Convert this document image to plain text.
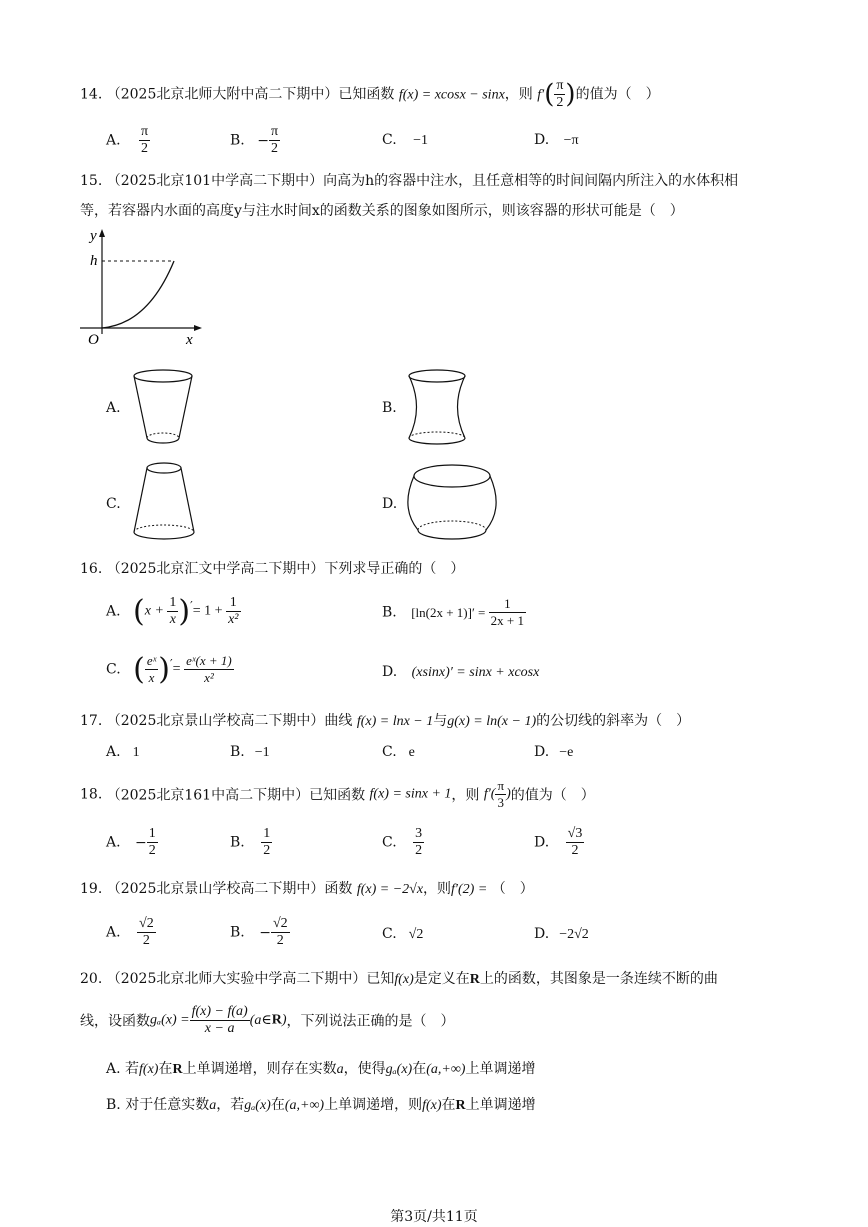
14. （2025北京北师大附中高二下期中）已知函数 f(x) = xcosx − sinx，则 $f'( \frac{\pi}{2}$ )的值为（　）
A. $\frac{\pi}{2}$	B. − $\frac{\pi}{2}$	C. −1	D. −π
15. （2025北京101中学高二下期中）向高为h的容器中注水，且任意相等的时间间隔内所注入的水体积相
等，若容器内水面的高度y与注水时间x的函数关系的图象如图所示，则该容器的形状可能是（　）
y
h
O	x
A.	B.
C.	D.
16. （2025北京汇文中学高二下期中）下列求导正确的（　）
A. $(x + \frac{1}{x} )'= 1 + \frac{1}{\text{x²}}$	B. $[\ln(2x + 1)]' = \frac{1}{2x + 1}$
C. ( $\frac{\text{eˣ}}{x} )'= \frac{\text{eˣ(x + 1)}}{\text{x²}}$	D. (xsinx)′ = sinx + xcosx
17. （2025北京景山学校高二下期中）曲线 f(x) = lnx − 1与g(x) = ln(x − 1)的公切线的斜率为（　）
A. 1	B. −1	C. e	D. −e
18. （2025北京161中高二下期中）已知函数 f(x) = sinx + 1，则 $f'( \frac{\pi}{3}$ )的值为（　）
A. − $\frac{1}{2}$	B. $\frac{1}{2}$	C. $\frac{3}{2}$	D. $\frac{√3}{2}$
19. （2025北京景山学校高二下期中）函数 f(x) = −2√x，则f′(2) = （　）
A. $\frac{√2}{2}$	B. − $\frac{√2}{2}$	C. √2	D. −2√2
20. （2025北京北师大实验中学高二下期中）已知f(x)是定义在R上的函数，其图象是一条连续不断的曲
线，设函数$g_a(x) = \frac{f(x) - f(a)}{x - a}$ (a∈R)，下列说法正确的是（　）
A. 若f(x)在R上单调递增，则存在实数a，使得gₐ(x)在(a,+∞)上单调递增
B. 对于任意实数a，若gₐ(x)在(a,+∞)上单调递增，则f(x)在R上单调递增
第3页/共11页
